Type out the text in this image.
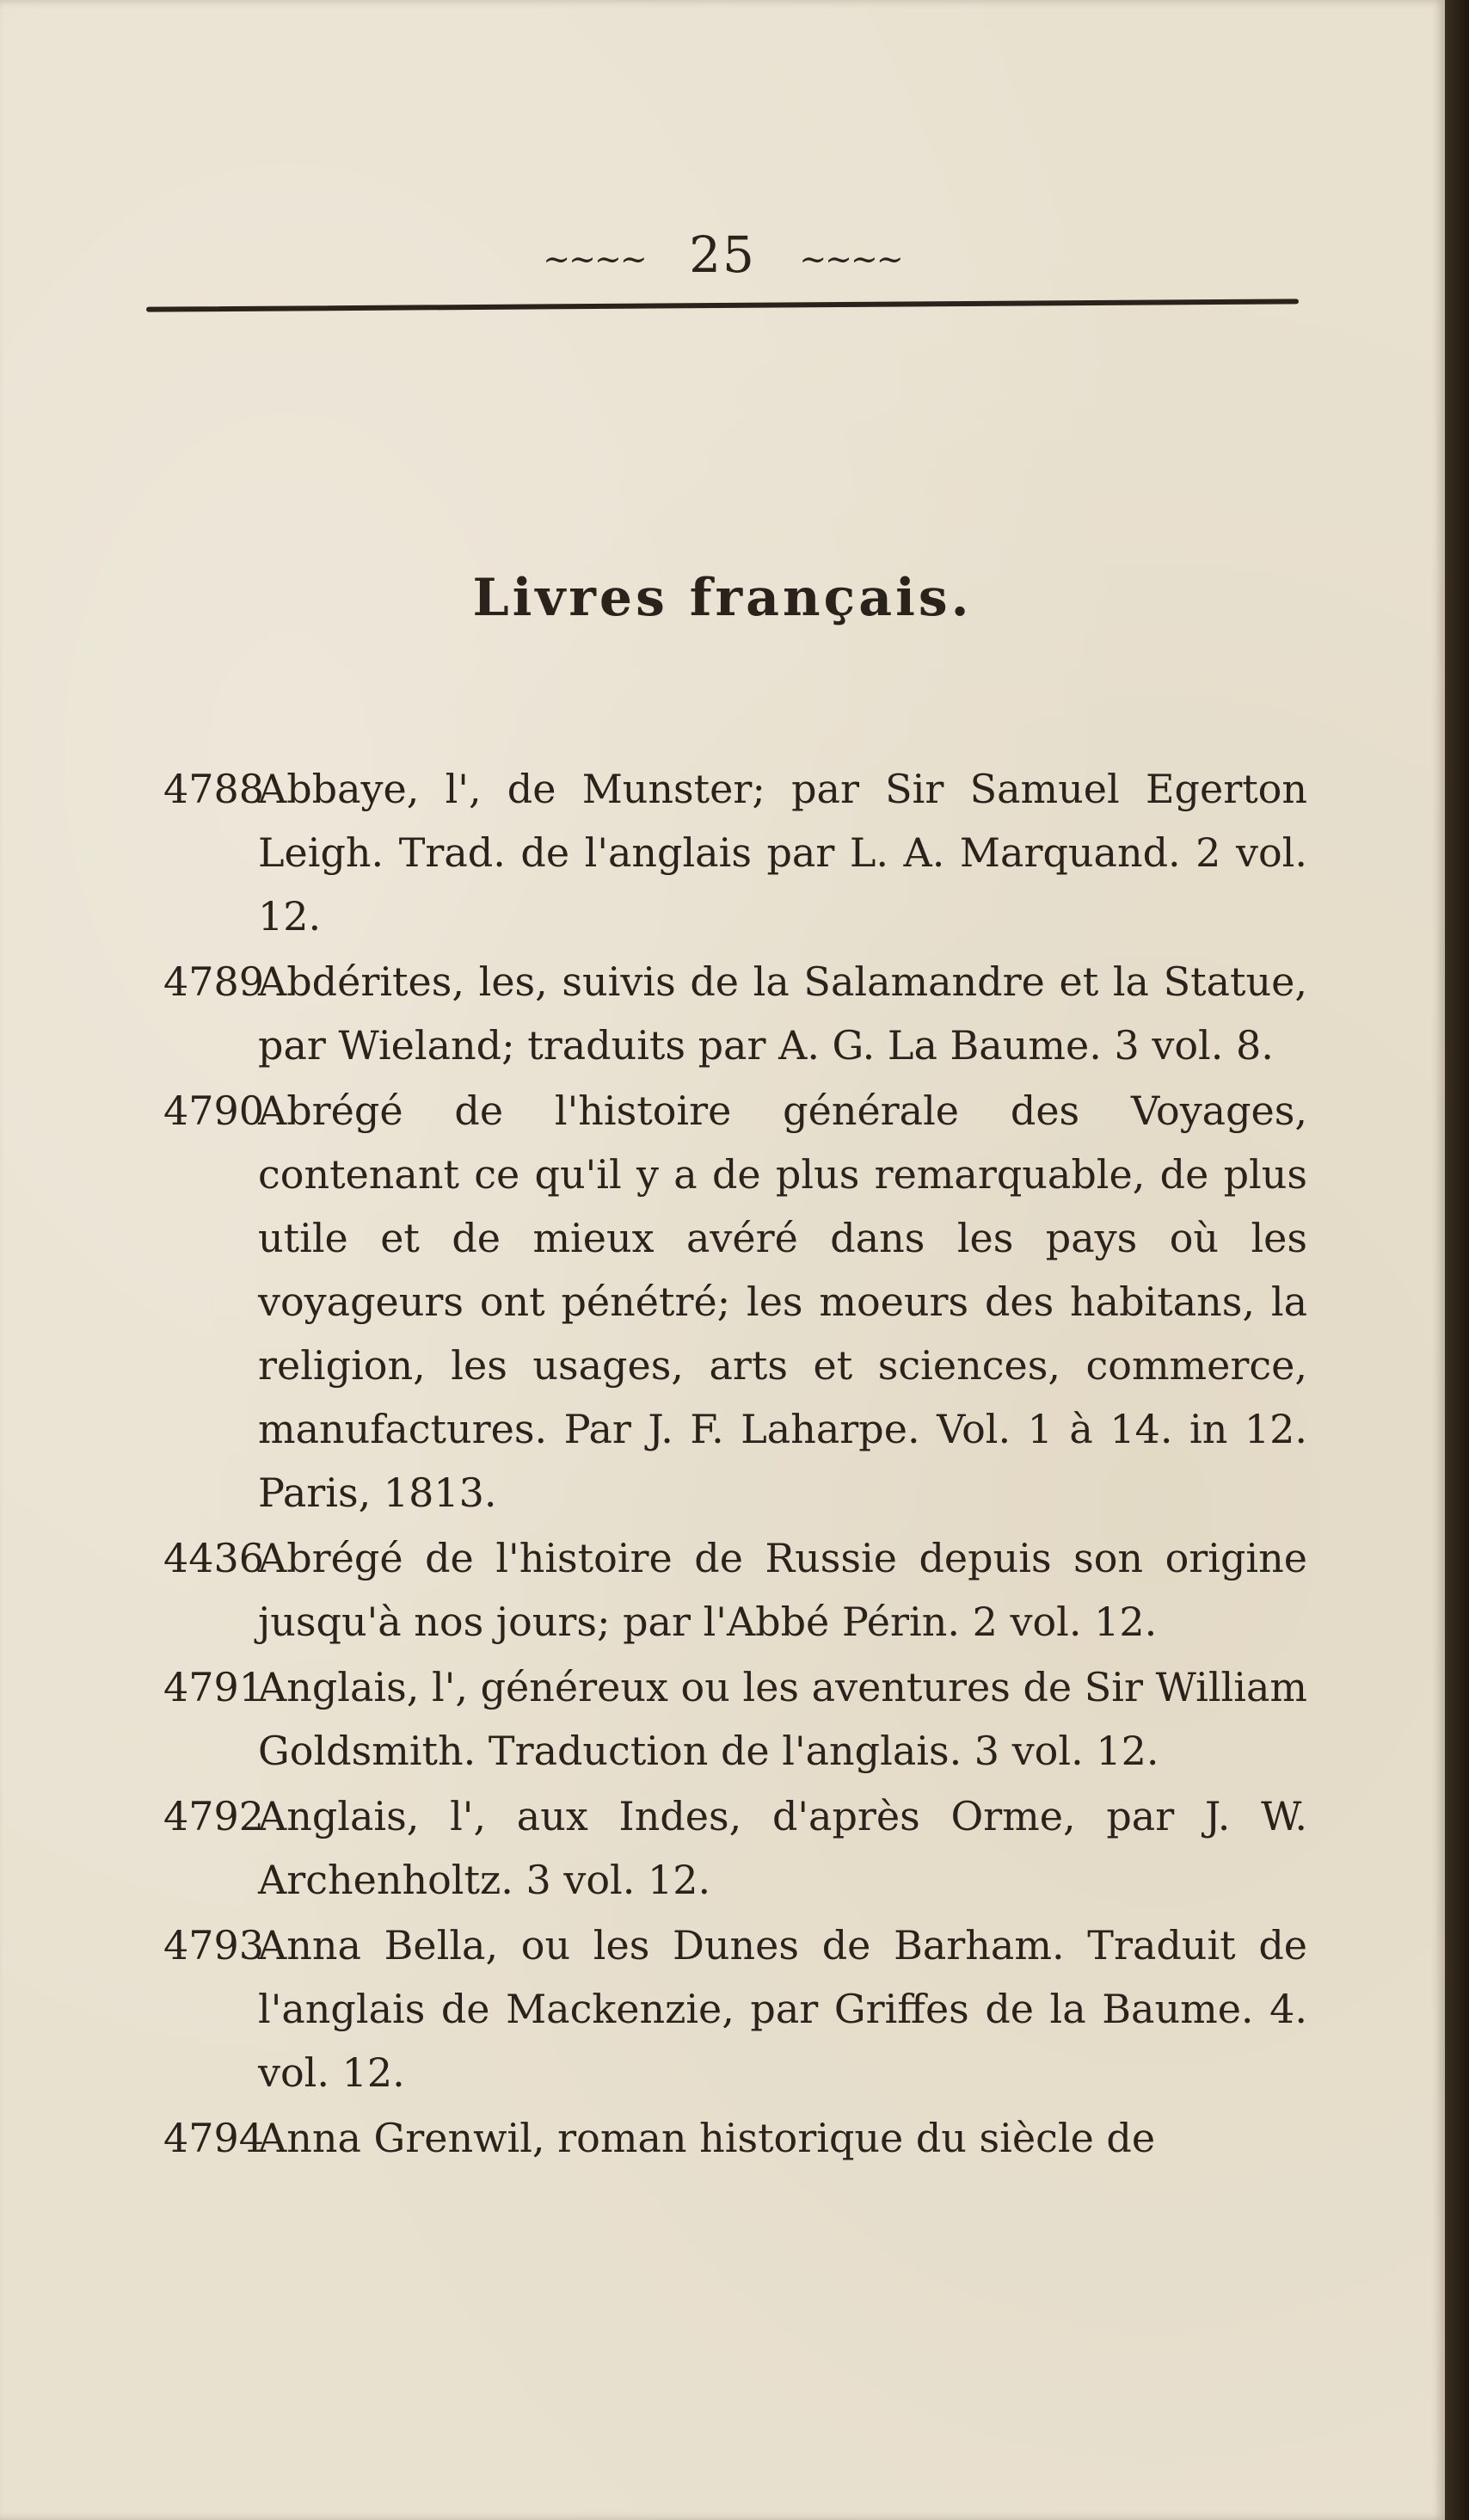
~~~~ 25 ~~~~
Livres français.

4788Abbaye, l', de Munster; par Sir Samuel Egerton Leigh. Trad. de l'anglais par L. A. Marquand. 2 vol. 12.

4789Abdérites, les, suivis de la Salamandre et la Statue, par Wieland; traduits par A. G. La Baume. 3 vol. 8.

4790Abrégé de l'histoire générale des Voyages, contenant ce qu'il y a de plus remarquable, de plus utile et de mieux avéré dans les pays où les voyageurs ont pénétré; les moeurs des habitans, la religion, les usages, arts et sciences, commerce, manufactures. Par J. F. Laharpe. Vol. 1 à 14. in 12. Paris, 1813.

4436Abrégé de l'histoire de Russie depuis son origine jusqu'à nos jours; par l'Abbé Périn. 2 vol. 12.

4791Anglais, l', généreux ou les aventures de Sir William Goldsmith. Traduction de l'anglais. 3 vol. 12.

4792Anglais, l', aux Indes, d'après Orme, par J. W. Archenholtz. 3 vol. 12.

4793Anna Bella, ou les Dunes de Barham. Traduit de l'anglais de Mackenzie, par Griffes de la Baume. 4. vol. 12.

4794Anna Grenwil, roman historique du siècle de
